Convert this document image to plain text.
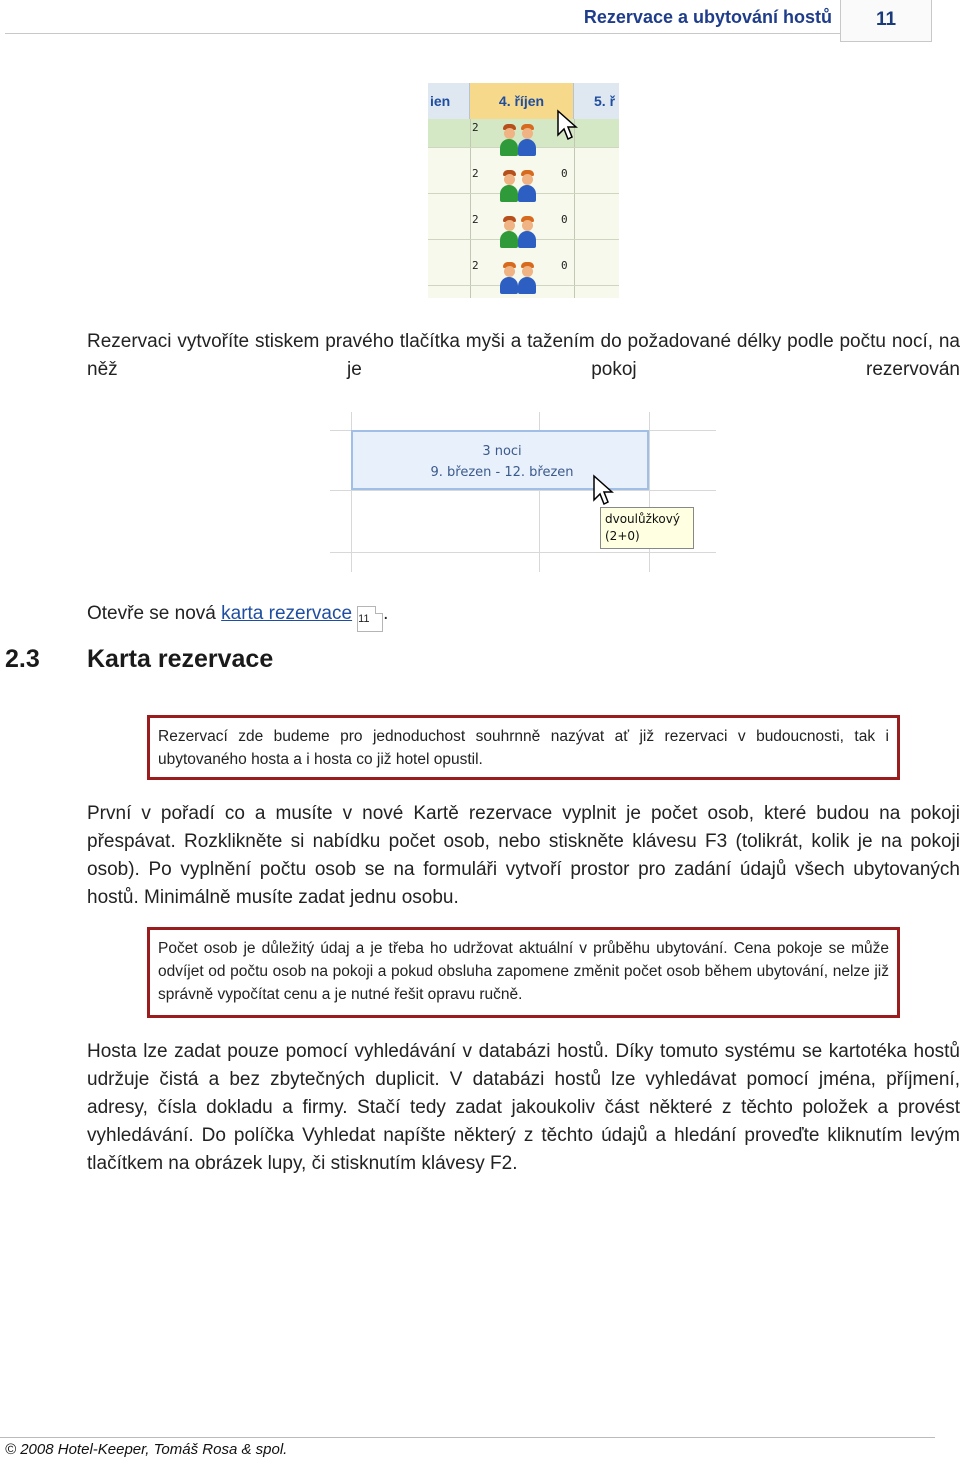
Rezervace a ubytování hostů	11
ien	4. říjen	5. ř
2
2	0
2	0
2	0

Rezervaci vytvoříte stiskem pravého tlačítka myši a tažením do požadované délky podle počtu nocí, na něž je pokoj rezervován

3 noci
9. březen - 12. březen
dvoulůžkový
(2+0)

Otevře se nová karta rezervace 11 .

2.3 Karta rezervace
Rezervací zde budeme pro jednoduchost souhrnně nazývat ať již rezervaci v budoucnosti, tak i ubytovaného hosta a i hosta co již hotel opustil.

První v pořadí co a musíte v nové Kartě rezervace vyplnit je počet osob, které budou na pokoji přespávat. Rozklikněte si nabídku počet osob, nebo stiskněte klávesu F3 (tolikrát, kolik je na pokoji osob). Po vyplnění počtu osob se na formuláři vytvoří prostor pro zadání údajů všech ubytovaných hostů. Minimálně musíte zadat jednu osobu.

Počet osob je důležitý údaj a je třeba ho udržovat aktuální v průběhu ubytování. Cena pokoje se může odvíjet od počtu osob na pokoji a pokud obsluha zapomene změnit počet osob během ubytování, nelze již správně vypočítat cenu a je nutné řešit opravu ručně.

Hosta lze zadat pouze pomocí vyhledávání v databázi hostů. Díky tomuto systému se kartotéka hostů udržuje čistá a bez zbytečných duplicit. V databázi hostů lze vyhledávat pomocí jména, příjmení, adresy, čísla dokladu a firmy. Stačí tedy zadat jakoukoliv část některé z těchto položek a provést vyhledávání. Do políčka Vyhledat napíšte některý z těchto údajů a hledání proveďte kliknutím levým tlačítkem na obrázek lupy, či stisknutím klávesy F2.

© 2008 Hotel-Keeper, Tomáš Rosa & spol.
